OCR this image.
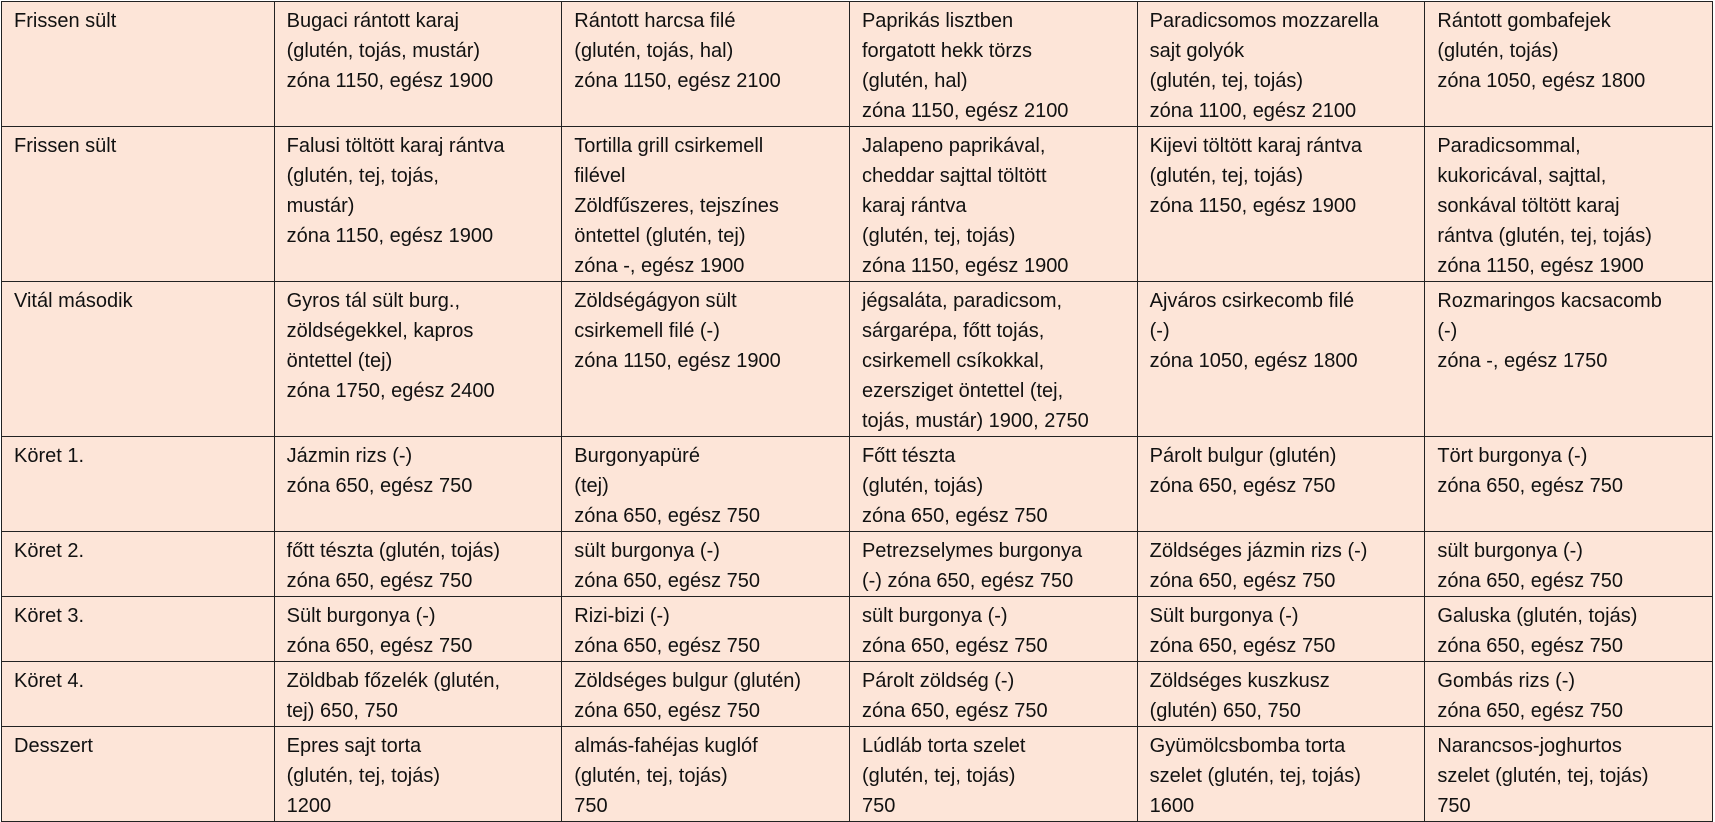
Frissen sült	Bugaci rántott karaj
(glutén, tojás, mustár)
zóna 1150, egész 1900	Rántott harcsa filé
(glutén, tojás, hal)
zóna 1150, egész 2100	Paprikás lisztben
forgatott hekk törzs
(glutén, hal)
zóna 1150, egész 2100	Paradicsomos mozzarella
sajt golyók
(glutén, tej, tojás)
zóna 1100, egész 2100	Rántott gombafejek
(glutén, tojás)
zóna 1050, egész 1800

Frissen sült	Falusi töltött karaj rántva
(glutén, tej, tojás,
mustár)
zóna 1150, egész 1900	Tortilla grill csirkemell
filével
Zöldfűszeres, tejszínes
öntettel (glutén, tej)
zóna -, egész 1900	Jalapeno paprikával,
cheddar sajttal töltött
karaj rántva
(glutén, tej, tojás)
zóna 1150, egész 1900	Kijevi töltött karaj rántva
(glutén, tej, tojás)
zóna 1150, egész 1900	Paradicsommal,
kukoricával, sajttal,
sonkával töltött karaj
rántva (glutén, tej, tojás)
zóna 1150, egész 1900

Vitál második	Gyros tál sült burg.,
zöldségekkel, kapros
öntettel (tej)
zóna 1750, egész 2400	Zöldségágyon sült
csirkemell filé (-)
zóna 1150, egész 1900	jégsaláta, paradicsom,
sárgarépa, főtt tojás,
csirkemell csíkokkal,
ezersziget öntettel (tej,
tojás, mustár) 1900, 2750	Ajváros csirkecomb filé
(-)
zóna 1050, egész 1800	Rozmaringos kacsacomb
(-)
zóna -, egész 1750

Köret 1.	Jázmin rizs (-)
zóna 650, egész 750	Burgonyapüré
(tej)
zóna 650, egész 750	Főtt tészta
(glutén, tojás)
zóna 650, egész 750	Párolt bulgur (glutén)
zóna 650, egész 750	Tört burgonya (-)
zóna 650, egész 750

Köret 2.	főtt tészta (glutén, tojás)
zóna 650, egész 750	sült burgonya (-)
zóna 650, egész 750	Petrezselymes burgonya
(-) zóna 650, egész 750	Zöldséges jázmin rizs (-)
zóna 650, egész 750	sült burgonya (-)
zóna 650, egész 750

Köret 3.	Sült burgonya (-)
zóna 650, egész 750	Rizi-bizi (-)
zóna 650, egész 750	sült burgonya (-)
zóna 650, egész 750	Sült burgonya (-)
zóna 650, egész 750	Galuska (glutén, tojás)
zóna 650, egész 750

Köret 4.	Zöldbab főzelék (glutén,
tej) 650, 750	Zöldséges bulgur (glutén)
zóna 650, egész 750	Párolt zöldség (-)
zóna 650, egész 750	Zöldséges kuszkusz
(glutén) 650, 750	Gombás rizs (-)
zóna 650, egész 750

Desszert	Epres sajt torta
(glutén, tej, tojás)
1200	almás-fahéjas kuglóf
(glutén, tej, tojás)
750	Lúdláb torta szelet
(glutén, tej, tojás)
750	Gyümölcsbomba torta
szelet (glutén, tej, tojás)
1600	Narancsos-joghurtos
szelet (glutén, tej, tojás)
750
